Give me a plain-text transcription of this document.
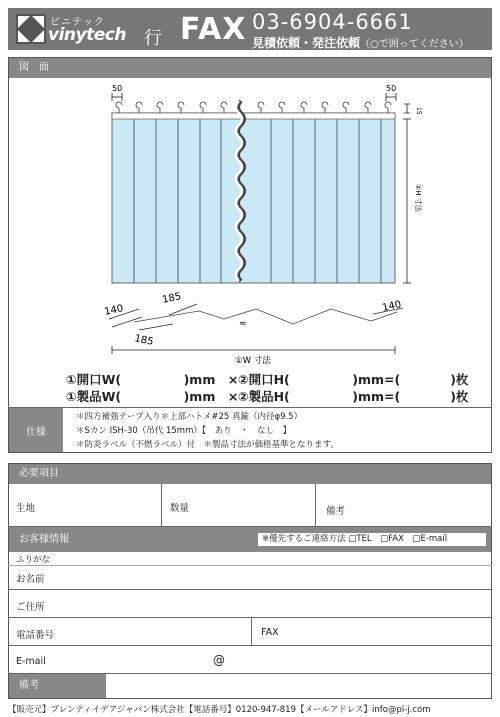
ビニテック
vinytech 行 FAX 03-6904-6661
見積依頼・発注依頼（○で囲ってください）
図　面
50	50
15
②H 寸法
140
185
185
140
≈
①W 寸法
①開口W(　　　　　)mm　× ②開口H(　　　　　)mm=(　　　　)枚
①製品W(　　　　　)mm　× ②製品H(　　　　　)mm=(　　　　)枚
仕様
＊四方補強テープ入り＊上部ハトメ#25 真鍮（内径φ9.5）
＊Sカン ISH-30（吊代 15mm）【　あり　・　なし　】
＊防炎ラベル（不燃ラベル）付　＊製品寸法が価格基準となります。
必要項目
生地	数量	備考
お客様情報	※優先するご連絡方法 □TEL　□FAX　□E-mail
ふりがな
お名前
ご住所
電話番号	FAX
E-mail	@
備考
【販売元】プレンティイデアジャパン株式会社【電話番号】0120-947-819【メールアドレス】info@pi-j.com
